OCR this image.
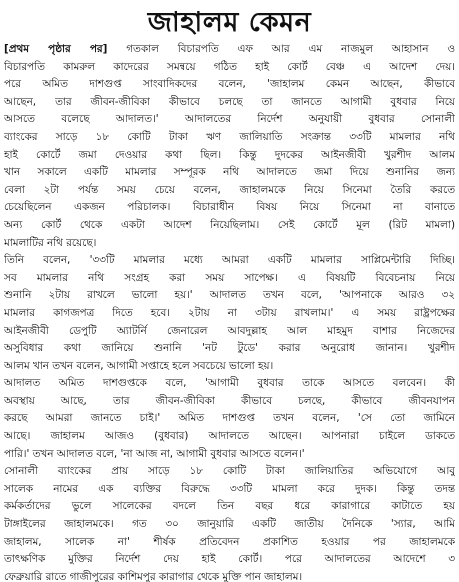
জাহালম কেমন
[প্রথম পৃষ্ঠার পর] গতকাল বিচারপতি এফ আর এম নাজমুল আহাসান ও
বিচারপতি কামরুল কাদেরের সমন্বয়ে গঠিত হাই কোর্ট বেঞ্চ এ আদেশ দেয়।
পরে অমিত দাশগুপ্ত সাংবাদিকদের বলেন, 'জাহালম কেমন আছেন, কীভাবে
আছেন, তার জীবন-জীবিকা কীভাবে চলছে তা জানতে আগামী বুধবার নিয়ে
আসতে বলেছে আদালত।' আদালতের নির্দেশ অনুযায়ী বুধবার সোনালী
ব্যাংকের সাড়ে ১৮ কোটি টাকা ঋণ জালিয়াতি সংক্রান্ত ৩৩টি মামলার নথি
হাই কোর্টে জমা দেওয়ার কথা ছিল। কিন্তু দুদকের আইনজীবী খুরশীদ আলম
খান সকালে একটি মামলার সম্পূরক নথি আদালতে জমা দিয়ে শুনানির জন্য
বেলা ২টা পর্যন্ত সময় চেয়ে বলেন, জাহালমকে নিয়ে সিনেমা তৈরি করতে
চেয়েছিলেন একজন পরিচালক। বিচারাধীন বিষয় নিয়ে সিনেমা না বানাতে
অন্য কোর্ট থেকে একটা আদেশ নিয়েছিলাম। সেই কোর্টে মূল (রিট মামলা)
মামলাটির নথি রয়েছে।
তিনি বলেন, '৩৩টি মামলার মধ্যে আমরা একটি মামলার সাপ্লিমেন্টারি দিচ্ছি।
সব মামলার নথি সংগ্রহ করা সময় সাপেক্ষ। এ বিষয়টি বিবেচনায় নিয়ে
শুনানি ২টায় রাখলে ভালো হয়।' আদালত তখন বলে, 'আপনাকে আরও ৩২
মামলার কাগজপত্র দিতে হবে। ২টায় না ৩টায় রাখলাম।' এ সময় রাষ্ট্রপক্ষের
আইনজীবী ডেপুটি অ্যাটর্নি জেনারেল আবদুল্লাহ আল মাহমুদ বাশার নিজেদের
অসুবিধার কথা জানিয়ে শুনানি 'নট টুডে' করার অনুরোধ জানান। খুরশীদ
আলম খান তখন বলেন, আগামী সপ্তাহে হলে সবচেয়ে ভালো হয়।
আদালত অমিত দাশগুপ্তকে বলে, 'আগামী বুধবার তাকে আসতে বলবেন। কী
অবস্থায় আছে, তার জীবন-জীবিকা কীভাবে চলছে, কীভাবে জীবনযাপন
করছে আমরা জানতে চাই।' অমিত দাশগুপ্ত তখন বলেন, 'সে তো জামিনে
আছে। জাহালম আজও (বুধবার) আদালতে আছেন। আপনারা চাইলে ডাকতে
পারি।' তখন আদালত বলে, 'না আজ না, আগামী বুধবার আসতে বলেন।'
সোনালী ব্যাংকের প্রায় সাড়ে ১৮ কোটি টাকা জালিয়াতির অভিযোগে আবু
সালেক নামের এক ব্যক্তির বিরুদ্ধে ৩৩টি মামলা করে দুদক। কিন্তু তদন্ত
কর্মকর্তাদের ভুলে সালেকের বদলে তিন বছর ধরে কারাগারে কাটাতে হয়
টাঙ্গাইলের জাহালমকে। গত ৩০ জানুয়ারি একটি জাতীয় দৈনিকে 'স্যার, আমি
জাহালম, সালেক না' শীর্ষক প্রতিবেদন প্রকাশিত হওয়ার পর জাহালমকে
তাৎক্ষণিক মুক্তির নির্দেশ দেয় হাই কোর্ট। পরে আদালতের আদেশে ৩
ফেব্রুয়ারি রাতে গাজীপুরের কাশিমপুর কারাগার থেকে মুক্তি পান জাহালম।
